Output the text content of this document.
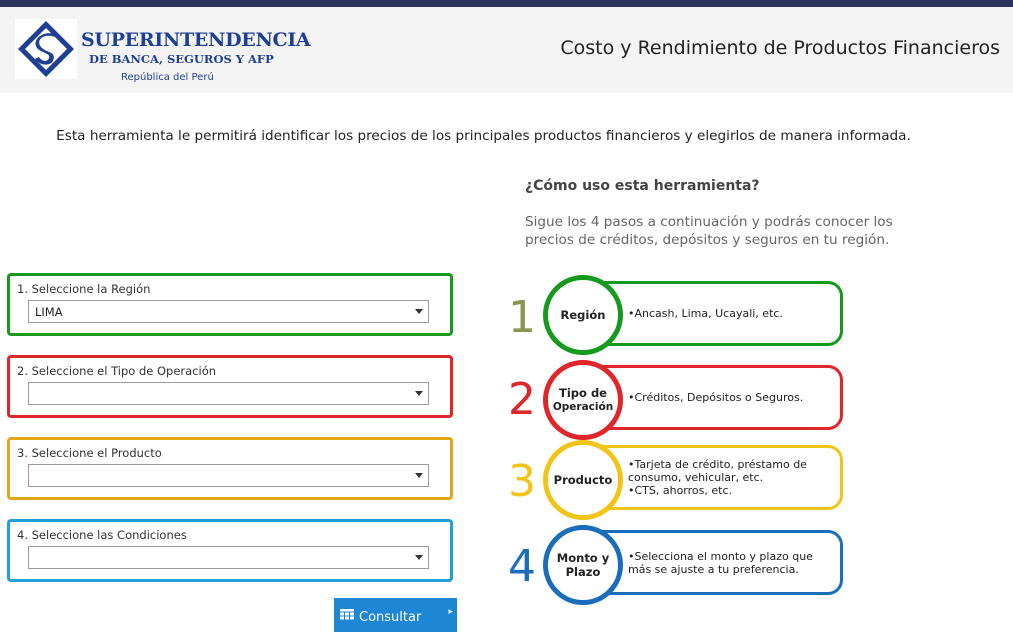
SUPERINTENDENCIA
DE BANCA, SEGUROS Y AFP
República del Perú
Costo y Rendimiento de Productos Financieros
Esta herramienta le permitirá identificar los precios de los principales productos financieros y elegirlos de manera informada.
¿Cómo uso esta herramienta?
Sigue los 4 pasos a continuación y podrás conocer los precios de créditos, depósitos y seguros en tu región.
1. Seleccione la Región
LIMA
2. Seleccione el Tipo de Operación
3. Seleccione el Producto
4. Seleccione las Condiciones
Consultar	▸
1	•Ancash, Lima, Ucayali, etc.
Región
2	•Créditos, Depósitos o Seguros.
Tipo de
Operación
3	•Tarjeta de crédito, préstamo de consumo, vehicular, etc.
•CTS, ahorros, etc.
Producto
4	•Selecciona el monto y plazo que más se ajuste a tu preferencia.
Monto y
Plazo
